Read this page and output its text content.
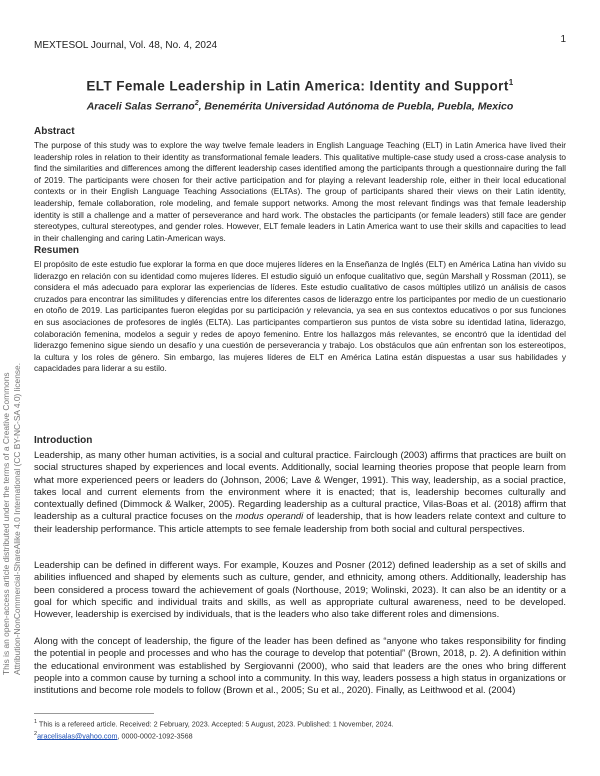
MEXTESOL Journal, Vol. 48, No. 4, 2024
1
ELT Female Leadership in Latin America: Identity and Support$^1$
Araceli Salas Serrano$^2$, Benemérita Universidad Autónoma de Puebla, Puebla, Mexico
Abstract
The purpose of this study was to explore the way twelve female leaders in English Language Teaching (ELT) in Latin America have lived their leadership roles in relation to their identity as transformational female leaders. This qualitative multiple-case study used a cross-case analysis to find the similarities and differences among the different leadership cases identified among the participants through a questionnaire during the fall of 2019. The participants were chosen for their active participation and for playing a relevant leadership role, either in their local educational contexts or in their English Language Teaching Associations (ELTAs). The group of participants shared their views on their Latin identity, leadership, female collaboration, role modeling, and female support networks. Among the most relevant findings was that female leadership identity is still a challenge and a matter of perseverance and hard work. The obstacles the participants (or female leaders) still face are gender stereotypes, cultural stereotypes, and gender roles. However, ELT female leaders in Latin America want to use their skills and capacities to lead in their challenging and caring Latin-American ways.
Resumen
El propósito de este estudio fue explorar la forma en que doce mujeres líderes en la Enseñanza de Inglés (ELT) en América Latina han vivido su liderazgo en relación con su identidad como mujeres líderes. El estudio siguió un enfoque cualitativo que, según Marshall y Rossman (2011), se considera el más adecuado para explorar las experiencias de líderes. Este estudio cualitativo de casos múltiples utilizó un análisis de casos cruzados para encontrar las similitudes y diferencias entre los diferentes casos de liderazgo entre los participantes por medio de un cuestionario en otoño de 2019. Las participantes fueron elegidas por su participación y relevancia, ya sea en sus contextos educativos o por sus funciones en sus asociaciones de profesores de inglés (ELTA). Las participantes compartieron sus puntos de vista sobre su identidad latina, liderazgo, colaboración femenina, modelos a seguir y redes de apoyo femenino. Entre los hallazgos más relevantes, se encontró que la identidad del liderazgo femenino sigue siendo un desafío y una cuestión de perseverancia y trabajo. Los obstáculos que aún enfrentan son los estereotipos, la cultura y los roles de género. Sin embargo, las mujeres líderes de ELT en América Latina están dispuestas a usar sus habilidades y capacidades para liderar a su estilo.
Introduction
Leadership, as many other human activities, is a social and cultural practice. Fairclough (2003) affirms that practices are built on social structures shaped by experiences and local events. Additionally, social learning theories propose that people learn from what more experienced peers or leaders do (Johnson, 2006; Lave & Wenger, 1991). This way, leadership, as a social practice, takes local and current elements from the environment where it is enacted; that is, leadership becomes culturally and contextually defined (Dimmock & Walker, 2005). Regarding leadership as a cultural practice, Vilas-Boas et al. (2018) affirm that leadership as a cultural practice focuses on the modus operandi of leadership, that is how leaders relate context and culture to their leadership performance. This article attempts to see female leadership from both social and cultural perspectives.
Leadership can be defined in different ways. For example, Kouzes and Posner (2012) defined leadership as a set of skills and abilities influenced and shaped by elements such as culture, gender, and ethnicity, among others. Additionally, leadership has been considered a process toward the achievement of goals (Northouse, 2019; Wolinski, 2023). It can also be an identity or a goal for which specific and individual traits and skills, as well as appropriate cultural awareness, need to be developed. However, leadership is exercised by individuals, that is the leaders who also take different roles and dimensions.
Along with the concept of leadership, the figure of the leader has been defined as “anyone who takes responsibility for finding the potential in people and processes and who has the courage to develop that potential” (Brown, 2018, p. 2). A definition within the educational environment was established by Sergiovanni (2000), who said that leaders are the ones who bring different people into a common cause by turning a school into a community. In this way, leaders possess a high status in organizations or institutions and become role models to follow (Brown et al., 2005; Su et al., 2020). Finally, as Leithwood et al. (2004)
$^1$ This is a refereed article. Received: 2 February, 2023. Accepted: 5 August, 2023. Published: 1 November, 2024.
$^2$aracelisalas@yahoo.com, 0000-0002-1092-3568
This is an open-access article distributed under the terms of a Creative Commons Attribution-NonCommercial-ShareAlike 4.0 International (CC BY-NC-SA 4.0) license.
